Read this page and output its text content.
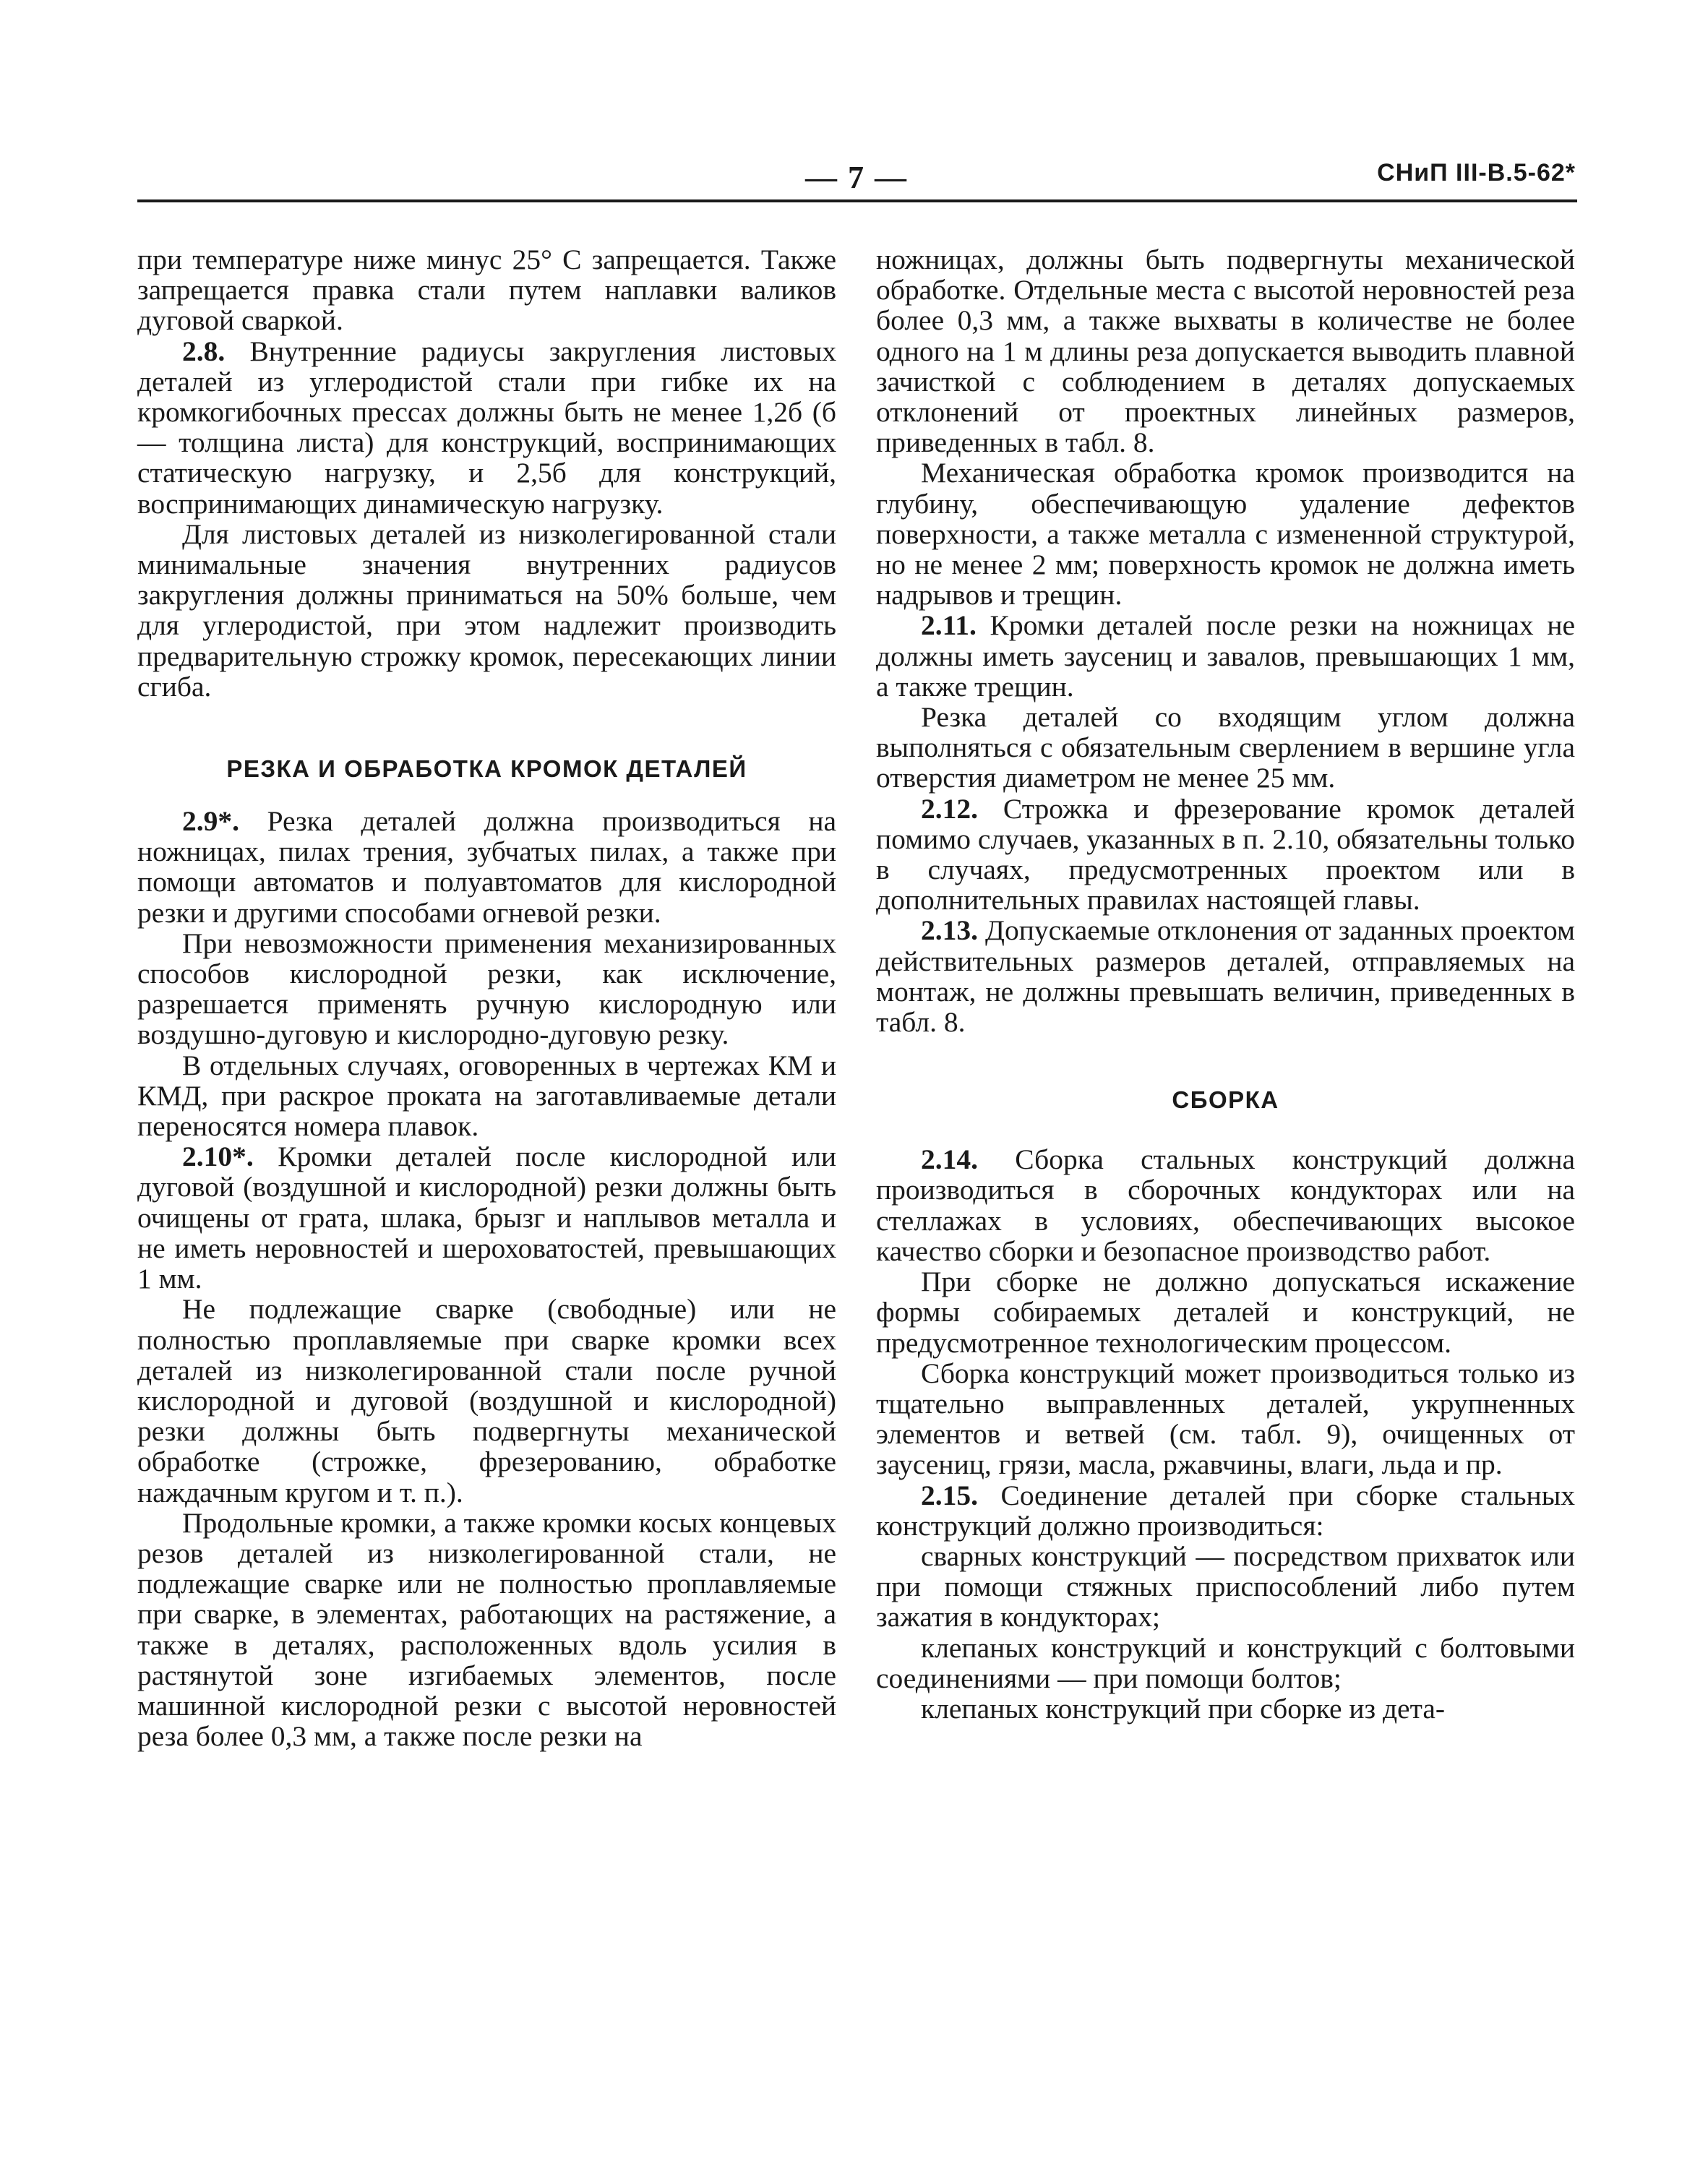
— 7 —	СНиП III-В.5-62*

при температуре ниже минус 25° С запрещается. Также запрещается правка стали путем наплавки валиков дуговой сваркой.

2.8. Внутренние радиусы закругления листовых деталей из углеродистой стали при гибке их на кромкогибочных прессах должны быть не менее 1,2б (б — толщина листа) для конструкций, воспринимающих статическую нагрузку, и 2,5б для конструкций, воспринимающих динамическую нагрузку.

Для листовых деталей из низколегированной стали минимальные значения внутренних радиусов закругления должны приниматься на 50% больше, чем для углеродистой, при этом надлежит производить предварительную строжку кромок, пересекающих линии сгиба.

РЕЗКА И ОБРАБОТКА КРОМОК ДЕТАЛЕЙ

2.9*. Резка деталей должна производиться на ножницах, пилах трения, зубчатых пилах, а также при помощи автоматов и полуавтоматов для кислородной резки и другими способами огневой резки.

При невозможности применения механизированных способов кислородной резки, как исключение, разрешается применять ручную кислородную или воздушно-дуговую и кислородно-дуговую резку.

В отдельных случаях, оговоренных в чертежах КМ и КМД, при раскрое проката на заготавливаемые детали переносятся номера плавок.

2.10*. Кромки деталей после кислородной или дуговой (воздушной и кислородной) резки должны быть очищены от грата, шлака, брызг и наплывов металла и не иметь неровностей и шероховатостей, превышающих 1 мм.

Не подлежащие сварке (свободные) или не полностью проплавляемые при сварке кромки всех деталей из низколегированной стали после ручной кислородной и дуговой (воздушной и кислородной) резки должны быть подвергнуты механической обработке (строжке, фрезерованию, обработке наждачным кругом и т. п.).

Продольные кромки, а также кромки косых концевых резов деталей из низколегированной стали, не подлежащие сварке или не полностью проплавляемые при сварке, в элементах, работающих на растяжение, а также в деталях, расположенных вдоль усилия в растянутой зоне изгибаемых элементов, после машинной кислородной резки с высотой неровностей реза более 0,3 мм, а также после резки на

ножницах, должны быть подвергнуты механической обработке. Отдельные места с высотой неровностей реза более 0,3 мм, а также выхваты в количестве не более одного на 1 м длины реза допускается выводить плавной зачисткой с соблюдением в деталях допускаемых отклонений от проектных линейных размеров, приведенных в табл. 8.

Механическая обработка кромок производится на глубину, обеспечивающую удаление дефектов поверхности, а также металла с измененной структурой, но не менее 2 мм; поверхность кромок не должна иметь надрывов и трещин.

2.11. Кромки деталей после резки на ножницах не должны иметь заусениц и завалов, превышающих 1 мм, а также трещин.

Резка деталей со входящим углом должна выполняться с обязательным сверлением в вершине угла отверстия диаметром не менее 25 мм.

2.12. Строжка и фрезерование кромок деталей помимо случаев, указанных в п. 2.10, обязательны только в случаях, предусмотренных проектом или в дополнительных правилах настоящей главы.

2.13. Допускаемые отклонения от заданных проектом действительных размеров деталей, отправляемых на монтаж, не должны превышать величин, приведенных в табл. 8.

СБОРКА

2.14. Сборка стальных конструкций должна производиться в сборочных кондукторах или на стеллажах в условиях, обеспечивающих высокое качество сборки и безопасное производство работ.

При сборке не должно допускаться искажение формы собираемых деталей и конструкций, не предусмотренное технологическим процессом.

Сборка конструкций может производиться только из тщательно выправленных деталей, укрупненных элементов и ветвей (см. табл. 9), очищенных от заусениц, грязи, масла, ржавчины, влаги, льда и пр.

2.15. Соединение деталей при сборке стальных конструкций должно производиться:

сварных конструкций — посредством прихваток или при помощи стяжных приспособлений либо путем зажатия в кондукторах;

клепаных конструкций и конструкций с болтовыми соединениями — при помощи болтов;

клепаных конструкций при сборке из дета-
